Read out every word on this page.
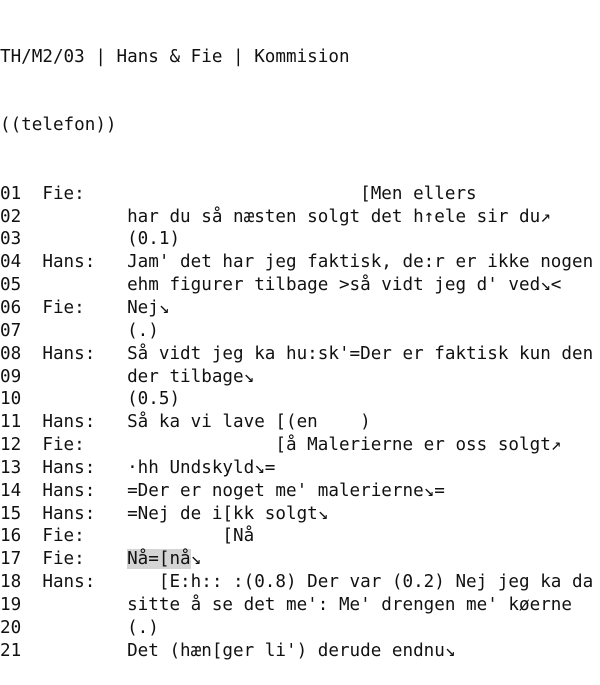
TH/M2/03 | Hans & Fie | Kommision

((telefon))

01 Fie:                      [Men ellers
02	har du så næsten solgt det h↑ele sir du↗
03	(0.1)
04 Hans: Jam' det har jeg faktisk, de:r er ikke nogen
05	ehm figurer tilbage >så vidt jeg d' ved↘<
06 Fie: Nej↘
07	(.)
08 Hans: Så vidt jeg ka hu:sk'=Der er faktisk kun den
09	der tilbage↘
10	(0.5)
11 Hans: Så ka vi lave [(en    )
12 Fie:              [å Malerierne er oss solgt↗
13 Hans: ·hh Undskyld↘=
14 Hans: =Der er noget me' malerierne↘=
15 Hans: =Nej de i[kk solgt↘
16 Fie:         [Nå
17 Fie: Nå=[nå↘
18 Hans:   [E:h:: :(0.8) Der var (0.2) Nej jeg ka da
19	sitte å se det me': Me' drengen me' køerne
20	(.)
21	Det (hæn[ger li') derude endnu↘
